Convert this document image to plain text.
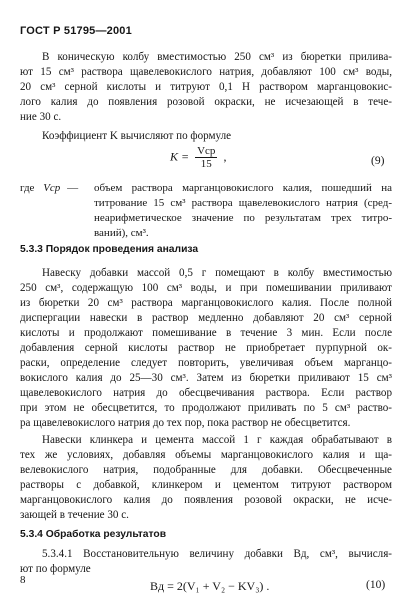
ГОСТ Р 51795—2001

В коническую колбу вместимостью 250 см³ из бюретки прилива-
ют 15 см³ раствора щавелевокислого натрия, добавляют 100 см³ воды,
20 см³ серной кислоты и титруют 0,1 Н раствором марганцовокис-
лого калия до появления розовой окраски, не исчезающей в тече-
ние 30 с.

Коэффициент K вычисляют по формуле

$K = \frac{\text{Vср}}{15}$ ,	(9)
где Vср — объем раствора марганцовокислого калия, пошедший на
титрование 15 см³ раствора щавелевокислого натрия (сред-
неарифметическое значение по результатам трех титро-
ваний), см³.
5.3.3 Порядок проведения анализа

Навеску добавки массой 0,5 г помещают в колбу вместимостью
250 см³, содержащую 100 см³ воды, и при помешивании приливают
из бюретки 20 см³ раствора марганцовокислого калия. После полной
диспергации навески в раствор медленно добавляют 20 см³ серной
кислоты и продолжают помешивание в течение 3 мин. Если после
добавления серной кислоты раствор не приобретает пурпурной ок-
раски, определение следует повторить, увеличивая объем марганцо-
вокислого калия до 25—30 см³. Затем из бюретки приливают 15 см³
щавелевокислого натрия до обесцвечивания раствора. Если раствор
при этом не обесцветится, то продолжают приливать по 5 см³ раство-
ра щавелевокислого натрия до тех пор, пока раствор не обесцветится.

Навески клинкера и цемента массой 1 г каждая обрабатывают в
тех же условиях, добавляя объемы марганцовокислого калия и ща-
велевокислого натрия, подобранные для добавки. Обесцвеченные
растворы с добавкой, клинкером и цементом титруют раствором
марганцовокислого калия до появления розовой окраски, не исче-
зающей в течение 30 с.

5.3.4 Обработка результатов

5.3.4.1 Восстановительную величину добавки Bд, см³, вычисля-
ют по формуле

Bд = 2(V₁ + V₂ − KV₃) .	(10)
8
